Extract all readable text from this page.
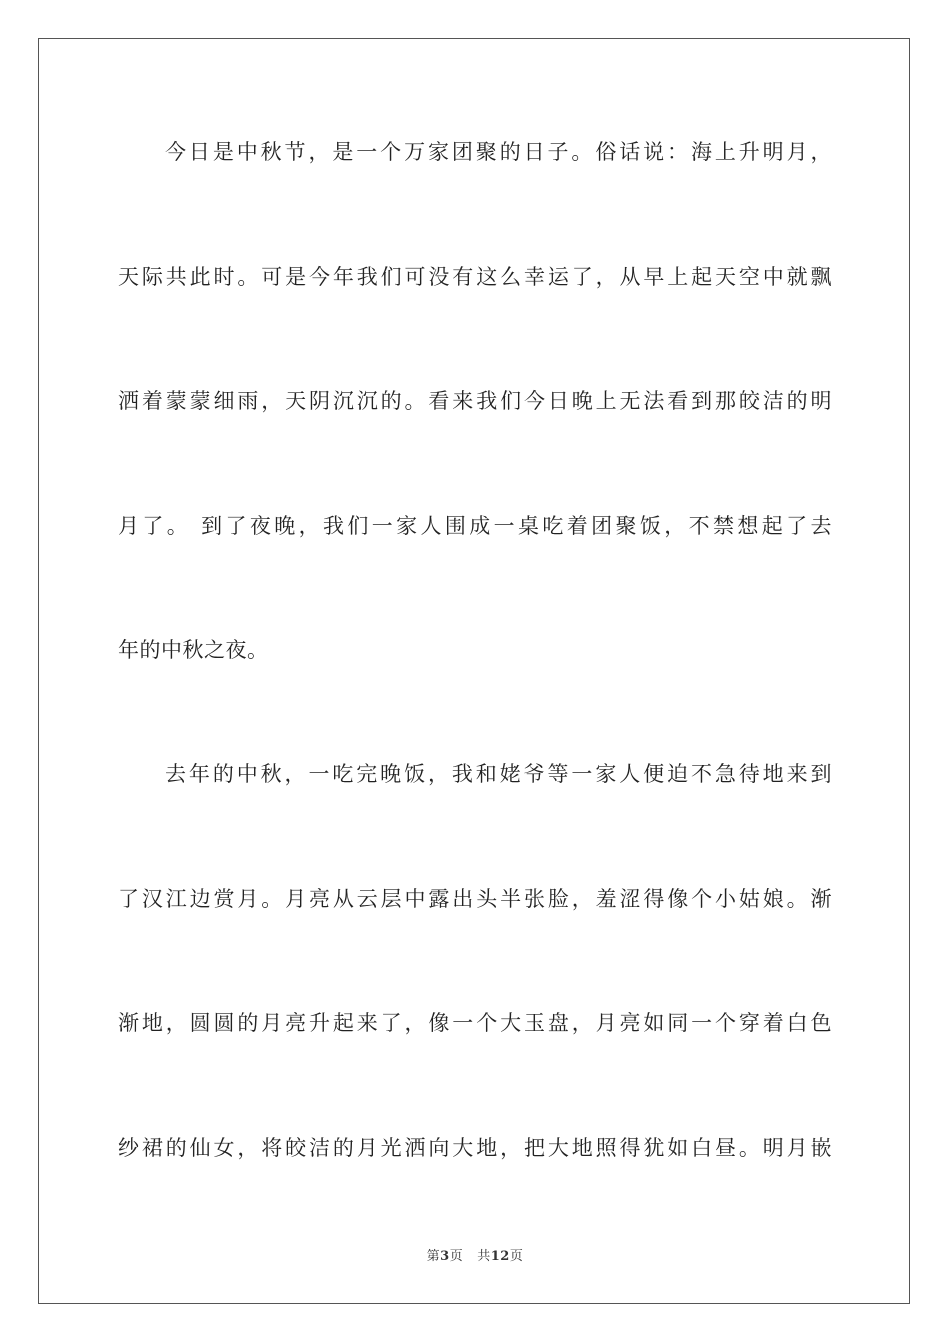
今日是中秋节，是一个万家团聚的日子。俗话说：海上升明月，
天际共此时。可是今年我们可没有这么幸运了，从早上起天空中就飘
洒着蒙蒙细雨，天阴沉沉的。看来我们今日晚上无法看到那皎洁的明
月了。 到了夜晚，我们一家人围成一桌吃着团聚饭，不禁想起了去
年的中秋之夜。
去年的中秋，一吃完晚饭，我和姥爷等一家人便迫不急待地来到
了汉江边赏月。月亮从云层中露出头半张脸，羞涩得像个小姑娘。渐
渐地，圆圆的月亮升起来了，像一个大玉盘，月亮如同一个穿着白色
纱裙的仙女，将皎洁的月光洒向大地，把大地照得犹如白昼。明月嵌
第3页 共12页
